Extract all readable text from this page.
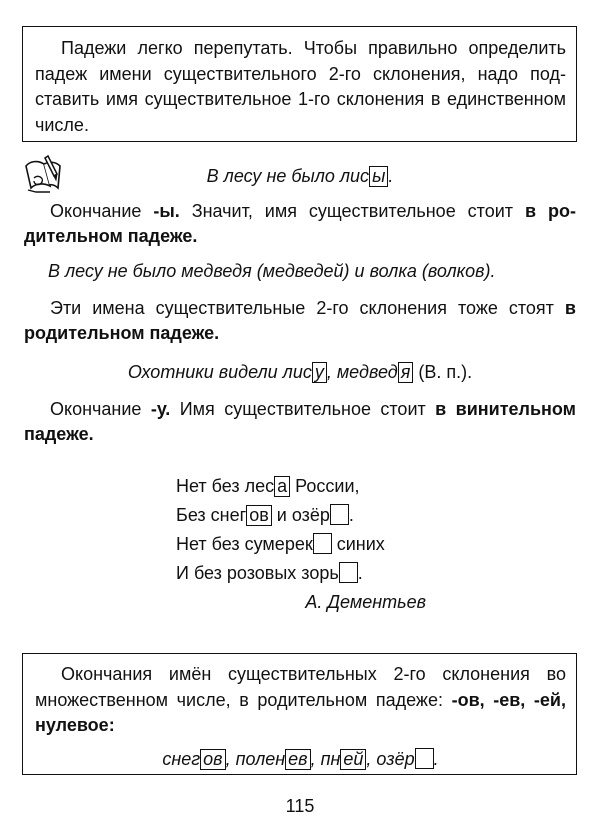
Падежи легко перепутать. Чтобы правильно определить падеж имени существительного 2-го склонения, надо подставить имя существительное 1-го склонения в единственном числе.

В лесу не было лис ы .

Окончание -ы. Значит, имя существительное стоит в родительном падеже.

В лесу не было медведя (медведей) и волка (волков).

Эти имена существительные 2-го склонения тоже стоят в родительном падеже.

Охотники видели лис у , медвед я (В. п.).

Окончание -у. Имя существительное стоит в винительном падеже.

Нет без лес а России,
Без снег ов и озёр .
Нет без сумерек синих
И без розовых зорь .
А. Дементьев

Окончания имён существительных 2-го склонения во множественном числе, в родительном падеже: -ов, -ев, -ей, нулевое:

снег ов , полен ев , пн ей , озёр .
115
